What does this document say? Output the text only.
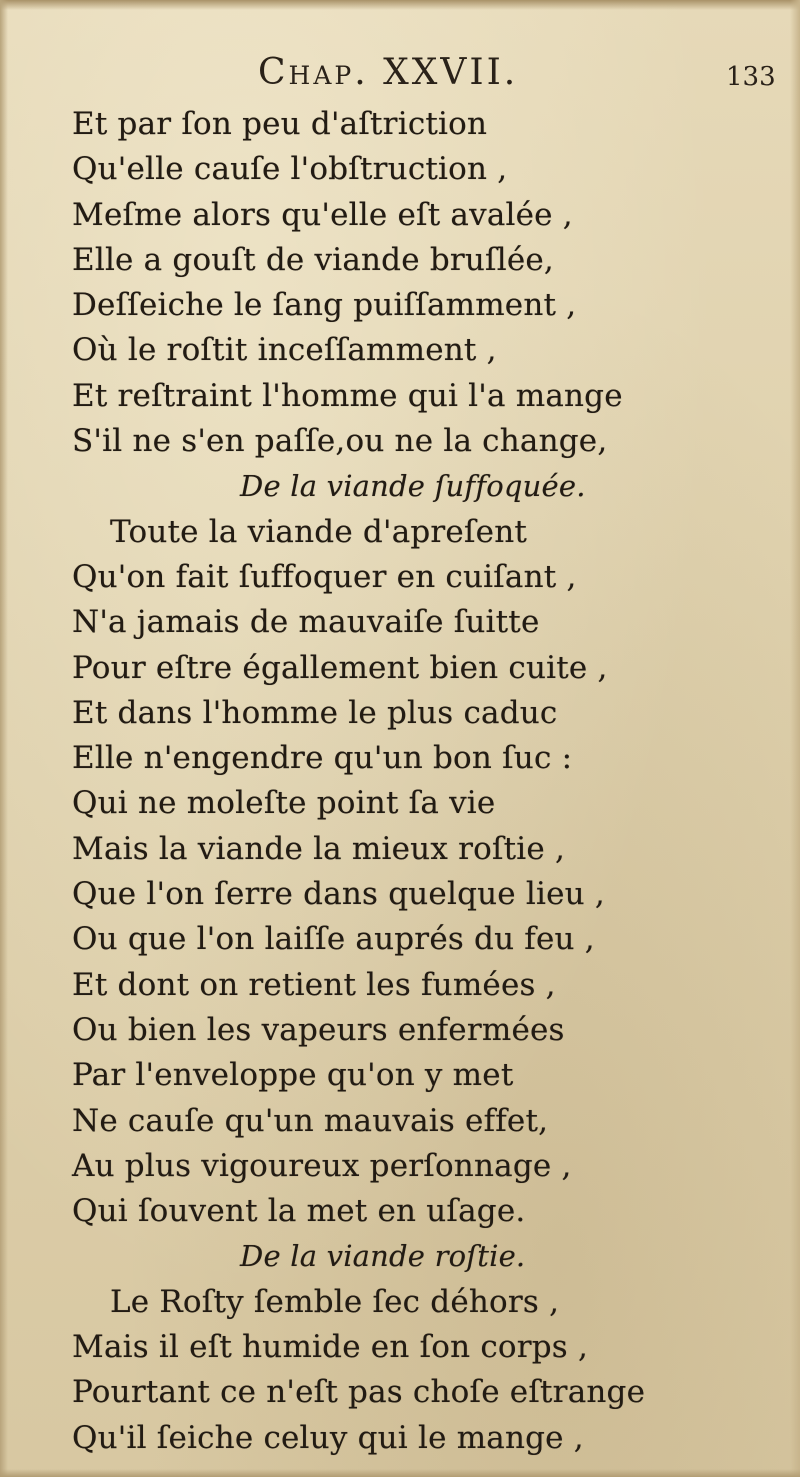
Chap. XXVII.	133
Et par ſon peu d'aſtriction
Qu'elle cauſe l'obſtruction ,
Meſme alors qu'elle eſt avalée ,
Elle a gouſt de viande bruſlée,
Deſſeiche le ſang puiſſamment ,
Où le roſtit inceſſamment ,
Et reſtraint l'homme qui l'a mange
S'il ne s'en paſſe,ou ne la change,
De la viande ſuffoquée.
Toute la viande d'apreſent
Qu'on fait ſuffoquer en cuiſant ,
N'a jamais de mauvaiſe ſuitte
Pour eſtre égallement bien cuite ,
Et dans l'homme le plus caduc
Elle n'engendre qu'un bon ſuc :
Qui ne moleſte point ſa vie
Mais la viande la mieux roſtie ,
Que l'on ſerre dans quelque lieu ,
Ou que l'on laiſſe auprés du feu ,
Et dont on retient les fumées ,
Ou bien les vapeurs enfermées
Par l'enveloppe qu'on y met
Ne cauſe qu'un mauvais effet,
Au plus vigoureux perſonnage ,
Qui ſouvent la met en uſage.
De la viande roſtie.
Le Roſty ſemble ſec déhors ,
Mais il eſt humide en ſon corps ,
Pourtant ce n'eſt pas choſe eſtrange
Qu'il ſeiche celuy qui le mange ,
